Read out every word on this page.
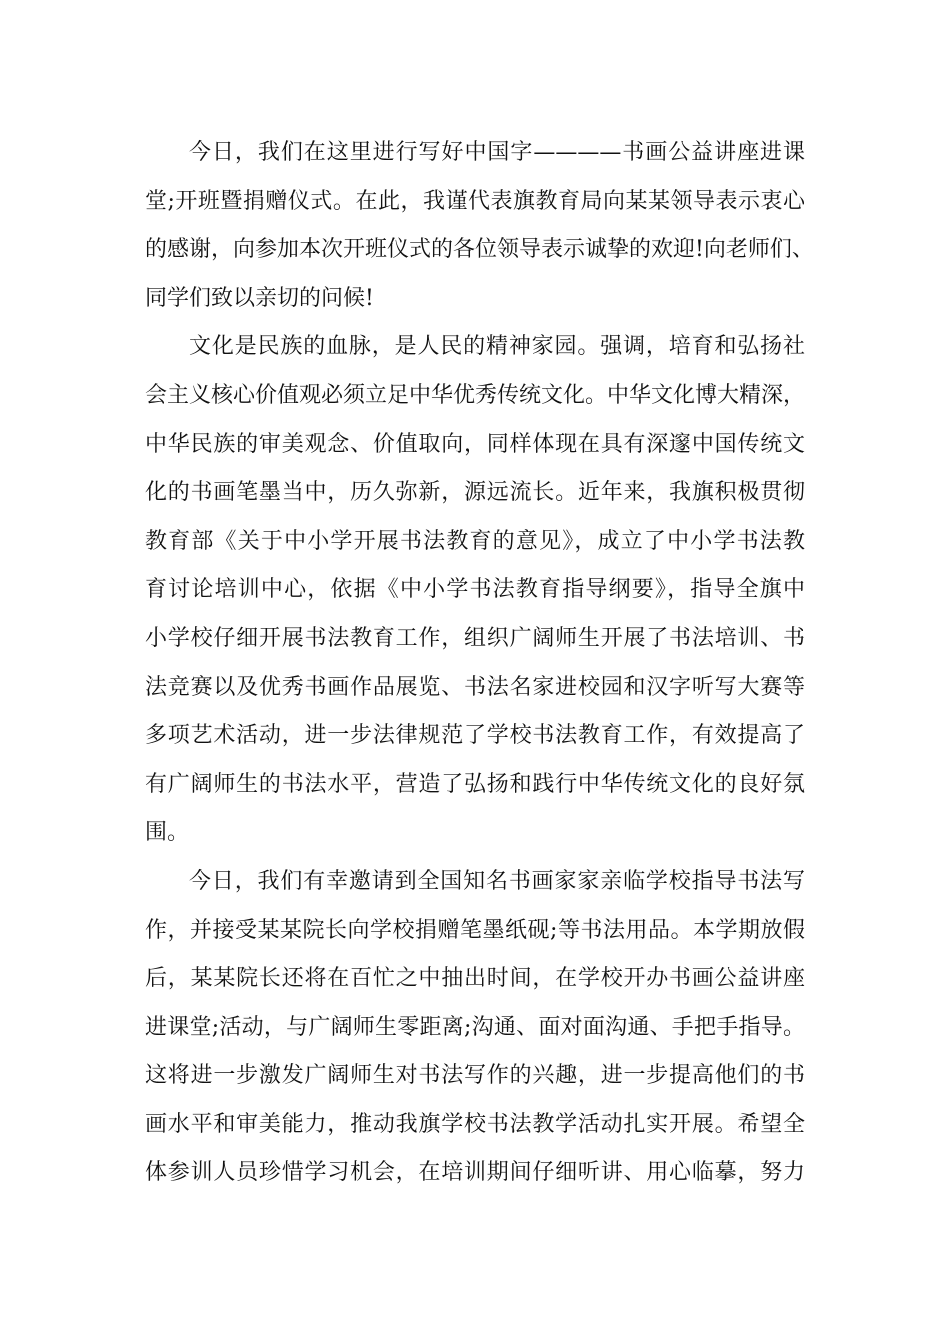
今日，我们在这里进行写好中国字————书画公益讲座进课
堂;开班暨捐赠仪式。在此，我谨代表旗教育局向某某领导表示衷心
的感谢，向参加本次开班仪式的各位领导表示诚挚的欢迎!向老师们、
同学们致以亲切的问候!
文化是民族的血脉，是人民的精神家园。强调，培育和弘扬社
会主义核心价值观必须立足中华优秀传统文化。中华文化博大精深，
中华民族的审美观念、价值取向，同样体现在具有深邃中国传统文
化的书画笔墨当中，历久弥新，源远流长。近年来，我旗积极贯彻
教育部《关于中小学开展书法教育的意见》，成立了中小学书法教
育讨论培训中心，依据《中小学书法教育指导纲要》，指导全旗中
小学校仔细开展书法教育工作，组织广阔师生开展了书法培训、书
法竞赛以及优秀书画作品展览、书法名家进校园和汉字听写大赛等
多项艺术活动，进一步法律规范了学校书法教育工作，有效提高了
有广阔师生的书法水平，营造了弘扬和践行中华传统文化的良好氛
围。
今日，我们有幸邀请到全国知名书画家家亲临学校指导书法写
作，并接受某某院长向学校捐赠笔墨纸砚;等书法用品。本学期放假
后，某某院长还将在百忙之中抽出时间，在学校开办书画公益讲座
进课堂;活动，与广阔师生零距离;沟通、面对面沟通、手把手指导。
这将进一步激发广阔师生对书法写作的兴趣，进一步提高他们的书
画水平和审美能力，推动我旗学校书法教学活动扎实开展。希望全
体参训人员珍惜学习机会，在培训期间仔细听讲、用心临摹，努力
